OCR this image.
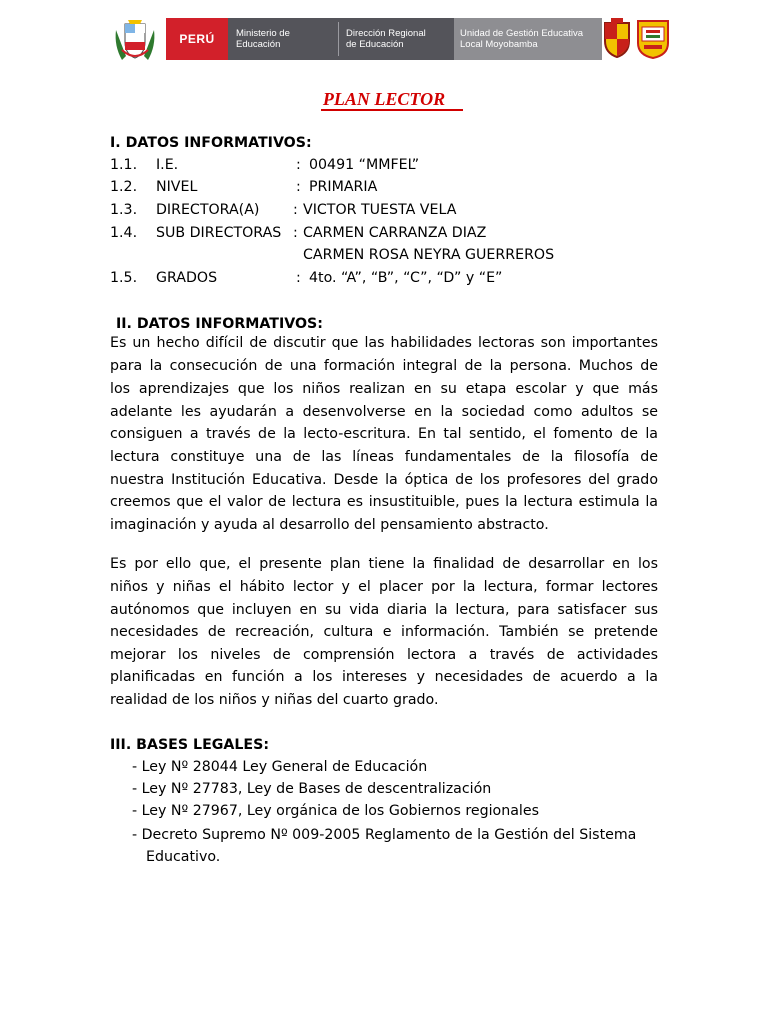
PERÚ Ministerio de
Educación
Dirección Regional
de Educación
Unidad de Gestión Educativa
Local Moyobamba
PLAN LECTOR
I. DATOS INFORMATIVOS:
1.1. I.E.	: 00491 “MMFEL”
1.2. NIVEL	: PRIMARIA
1.3. DIRECTORA(A) : VICTOR TUESTA VELA
1.4. SUB DIRECTORAS : CARMEN CARRANZA DIAZ
CARMEN ROSA NEYRA GUERREROS
1.5. GRADOS	: 4to. “A”, “B”, “C”, “D” y “E”
II. DATOS INFORMATIVOS:
Es un hecho difícil de discutir que las habilidades lectoras son importantes
para la consecución de una formación integral de la persona. Muchos de
los aprendizajes que los niños realizan en su etapa escolar y que más
adelante les ayudarán a desenvolverse en la sociedad como adultos se
consiguen a través de la lecto-escritura. En tal sentido, el fomento de la
lectura constituye una de las líneas fundamentales de la filosofía de
nuestra Institución Educativa. Desde la óptica de los profesores del grado
creemos que el valor de lectura es insustituible, pues la lectura estimula la
imaginación y ayuda al desarrollo del pensamiento abstracto.
Es por ello que, el presente plan tiene la finalidad de desarrollar en los
niños y niñas el hábito lector y el placer por la lectura, formar lectores
autónomos que incluyen en su vida diaria la lectura, para satisfacer sus
necesidades de recreación, cultura e información. También se pretende
mejorar los niveles de comprensión lectora a través de actividades
planificadas en función a los intereses y necesidades de acuerdo a la
realidad de los niños y niñas del cuarto grado.
III. BASES LEGALES:
- Ley Nº 28044 Ley General de Educación
- Ley Nº 27783, Ley de Bases de descentralización
- Ley Nº 27967, Ley orgánica de los Gobiernos regionales
- Decreto Supremo Nº 009-2005 Reglamento de la Gestión del Sistema
Educativo.
